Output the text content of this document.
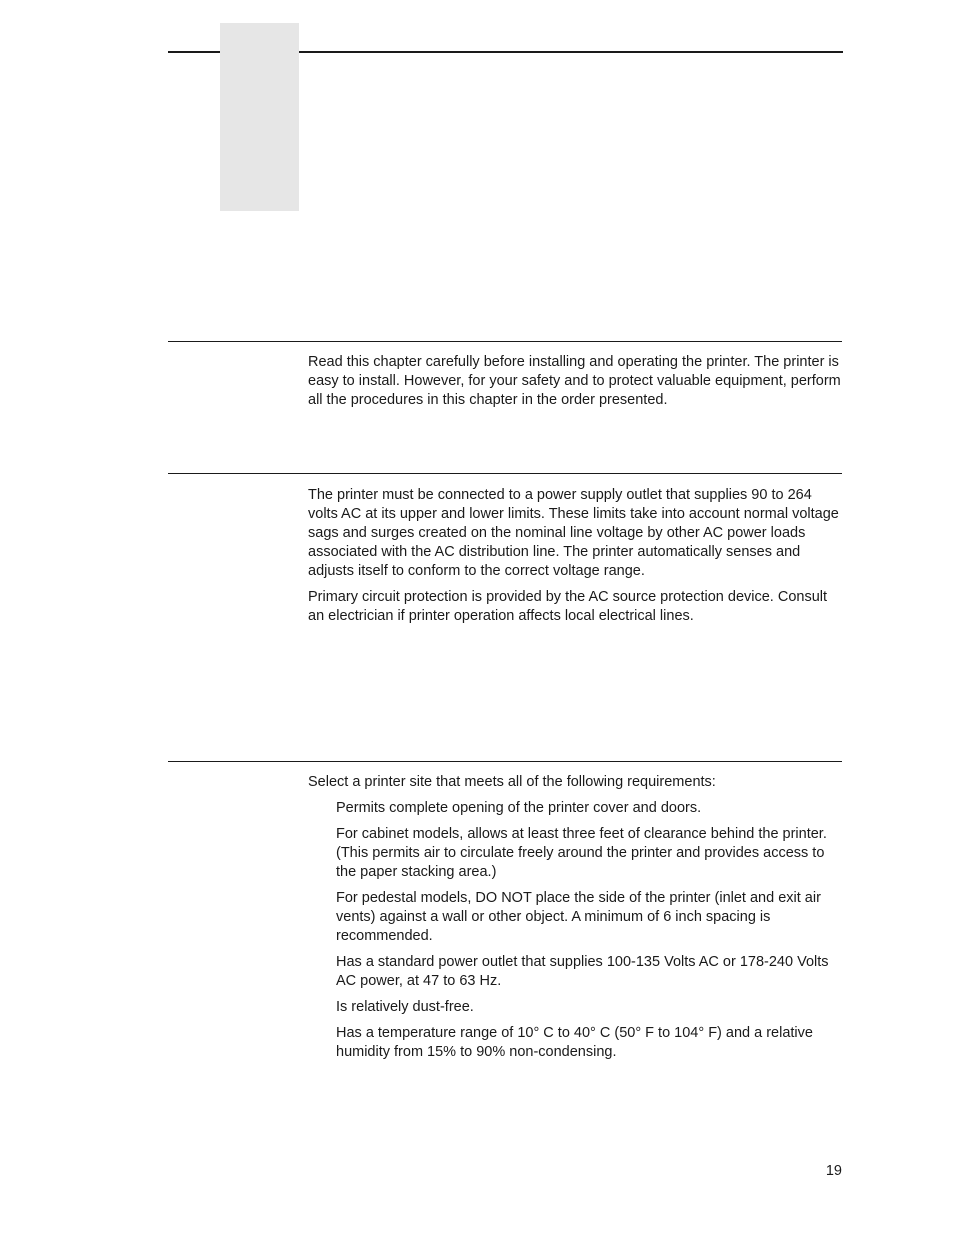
Read this chapter carefully before installing and operating the printer. The printer is easy to install. However, for your safety and to protect valuable equipment, perform all the procedures in this chapter in the order presented.

The printer must be connected to a power supply outlet that supplies 90 to 264 volts AC at its upper and lower limits. These limits take into account normal voltage sags and surges created on the nominal line voltage by other AC power loads associated with the AC distribution line. The printer automatically senses and adjusts itself to conform to the correct voltage range.

Primary circuit protection is provided by the AC source protection device. Consult an electrician if printer operation affects local electrical lines.

Select a printer site that meets all of the following requirements:

Permits complete opening of the printer cover and doors.
For cabinet models, allows at least three feet of clearance behind the printer. (This permits air to circulate freely around the printer and provides access to the paper stacking area.)
For pedestal models, DO NOT place the side of the printer (inlet and exit air vents) against a wall or other object. A minimum of 6 inch spacing is recommended.
Has a standard power outlet that supplies 100-135 Volts AC or 178-240 Volts AC power, at 47 to 63 Hz.
Is relatively dust-free.
Has a temperature range of 10° C to 40° C (50° F to 104° F) and a relative humidity from 15% to 90% non-condensing.
19
